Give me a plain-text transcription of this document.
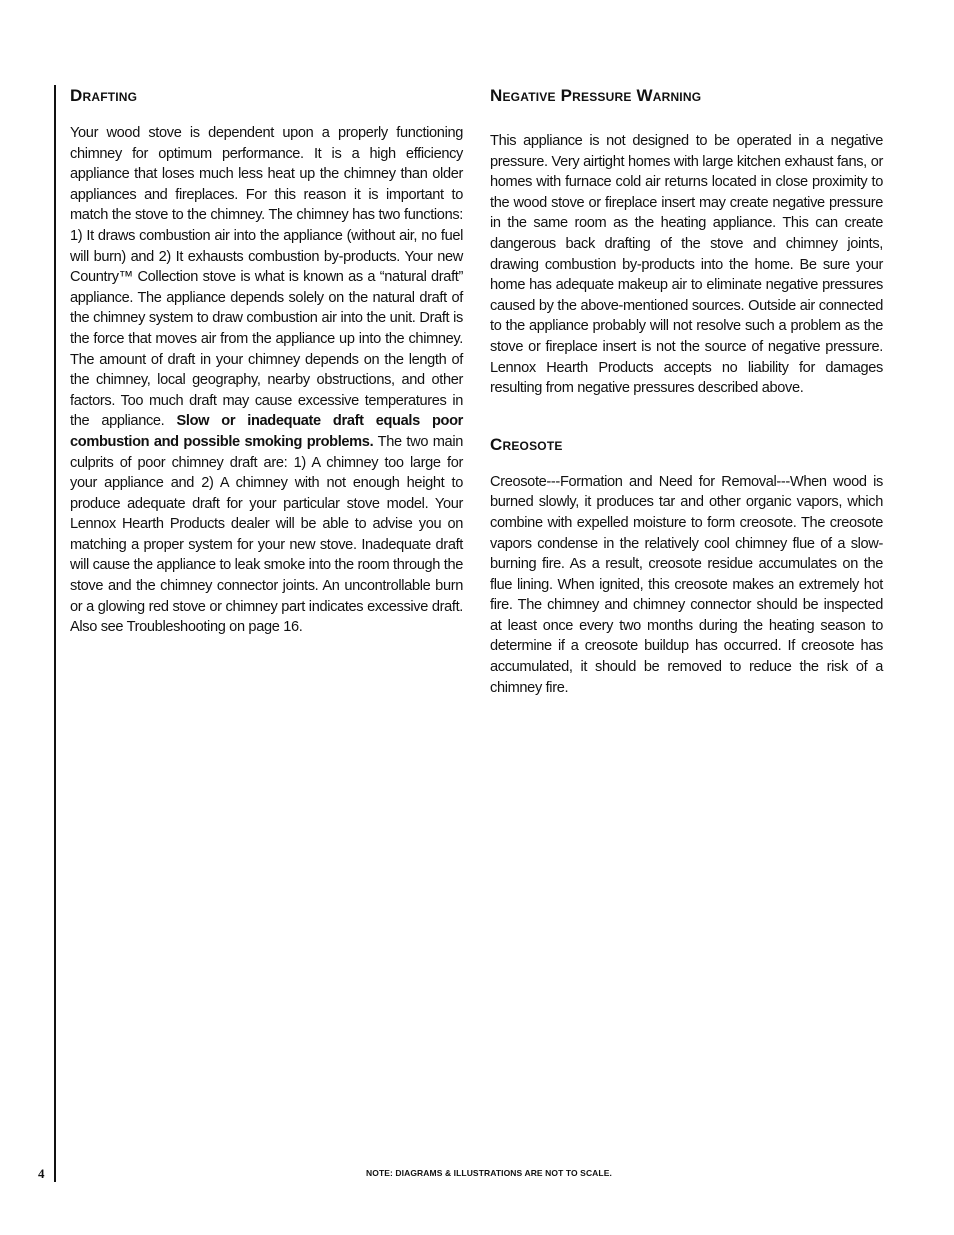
Drafting

Your wood stove is dependent upon a properly functioning chimney for optimum performance. It is a high efficiency appliance that loses much less heat up the chimney than older appliances and fireplaces. For this reason it is important to match the stove to the chimney. The chimney has two functions: 1) It draws combustion air into the appliance (without air, no fuel will burn) and 2) It exhausts combustion by-products. Your new Country™ Collection stove is what is known as a “natural draft” appliance. The appliance depends solely on the natural draft of the chimney system to draw combustion air into the unit. Draft is the force that moves air from the appliance up into the chimney. The amount of draft in your chimney depends on the length of the chimney, local geography, nearby obstructions, and other factors. Too much draft may cause excessive temperatures in the appliance. Slow or inadequate draft equals poor combustion and possible smoking problems. The two main culprits of poor chimney draft are: 1) A chimney too large for your appliance and 2) A chimney with not enough height to produce adequate draft for your particular stove model. Your Lennox Hearth Products dealer will be able to advise you on matching a proper system for your new stove. Inadequate draft will cause the appliance to leak smoke into the room through the stove and the chimney connector joints. An uncontrollable burn or a glowing red stove or chimney part indicates excessive draft. Also see Troubleshooting on page 16.

Negative Pressure Warning

This appliance is not designed to be operated in a negative pressure. Very airtight homes with large kitchen exhaust fans, or homes with furnace cold air returns located in close proximity to the wood stove or fireplace insert may create negative pressure in the same room as the heating appliance. This can create dangerous back drafting of the stove and chimney joints, drawing combustion by-products into the home. Be sure your home has adequate makeup air to eliminate negative pressures caused by the above-mentioned sources. Outside air connected to the appliance probably will not resolve such a problem as the stove or fireplace insert is not the source of negative pressure. Lennox Hearth Products accepts no liability for damages resulting from negative pressures described above.

Creosote

Creosote---Formation and Need for Removal---When wood is burned slowly, it produces tar and other organic vapors, which combine with expelled moisture to form creosote. The creosote vapors condense in the relatively cool chimney flue of a slow-burning fire. As a result, creosote residue accumulates on the flue lining. When ignited, this creosote makes an extremely hot fire. The chimney and chimney connector should be inspected at least once every two months during the heating season to determine if a creosote buildup has occurred. If creosote has accumulated, it should be removed to reduce the risk of a chimney fire.

4	NOTE: DIAGRAMS & ILLUSTRATIONS ARE NOT TO SCALE.
